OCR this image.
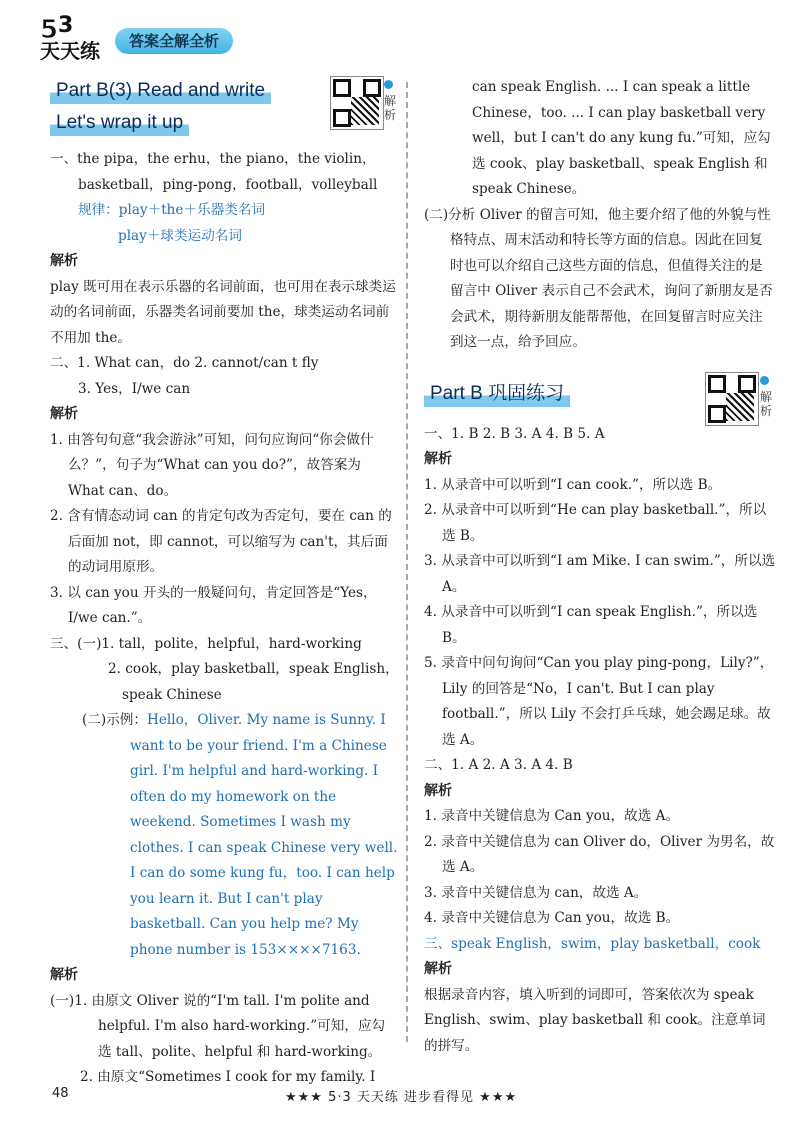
5 3
天天练	答案全解全析
Part B(3) Read and write
Let's wrap it up
一、the pipa，the erhu，the piano，the violin，
basketball，ping-pong，football，volleyball
规律：play＋the＋乐器类名词
play＋球类运动名词
解析
play 既可用在表示乐器的名词前面，也可用在表示球类运动的名词前面，乐器类名词前要加 the，球类运动名词前不用加 the。
二、1. What can，do 2. cannot/can t fly
3. Yes，I/we can
解析
1. 由答句句意“我会游泳”可知，问句应询问“你会做什么？”，句子为“What can you do?”，故答案为 What can、do。
2. 含有情态动词 can 的肯定句改为否定句，要在 can 的后面加 not，即 cannot，可以缩写为 can't，其后面的动词用原形。
3. 以 can you 开头的一般疑问句，肯定回答是“Yes，I/we can.”。
三、(一)1. tall，polite，helpful，hard-working
2. cook，play basketball，speak English，
speak Chinese
(二)示例：Hello，Oliver. My name is Sunny. I want to be your friend. I'm a Chinese girl. I'm helpful and hard-working. I often do my homework on the weekend. Sometimes I wash my clothes. I can speak Chinese very well. I can do some kung fu，too. I can help you learn it. But I can't play basketball. Can you help me? My phone number is 153××××7163.
解析
(一)1. 由原文 Oliver 说的“I'm tall. I'm polite and helpful. I'm also hard-working.”可知，应勾选 tall、polite、helpful 和 hard-working。
2. 由原文“Sometimes I cook for my family. I
解析
can speak English. ... I can speak a little Chinese，too. ... I can play basketball very well，but I can't do any kung fu.”可知，应勾选 cook、play basketball、speak English 和 speak Chinese。
(二)分析 Oliver 的留言可知，他主要介绍了他的外貌与性格特点、周末活动和特长等方面的信息。因此在回复时也可以介绍自己这些方面的信息，但值得关注的是留言中 Oliver 表示自己不会武术，询问了新朋友是否会武术，期待新朋友能帮帮他，在回复留言时应关注到这一点，给予回应。
Part B 巩固练习
一、1. B 2. B 3. A 4. B 5. A
解析
1. 从录音中可以听到“I can cook.”，所以选 B。
2. 从录音中可以听到“He can play basketball.”，所以选 B。
3. 从录音中可以听到“I am Mike. I can swim.”，所以选 A。
4. 从录音中可以听到“I can speak English.”，所以选 B。
5. 录音中问句询问“Can you play ping-pong，Lily?”，Lily 的回答是“No，I can't. But I can play football.”，所以 Lily 不会打乒乓球，她会踢足球。故选 A。
二、1. A 2. A 3. A 4. B
解析
1. 录音中关键信息为 Can you，故选 A。
2. 录音中关键信息为 can Oliver do，Oliver 为男名，故选 A。
3. 录音中关键信息为 can，故选 A。
4. 录音中关键信息为 Can you，故选 B。
三、speak English，swim，play basketball，cook
解析
根据录音内容，填入听到的词即可，答案依次为 speak English、swim、play basketball 和 cook。注意单词的拼写。
解析
48	★★★ 5·3 天天练 进步看得见 ★★★
